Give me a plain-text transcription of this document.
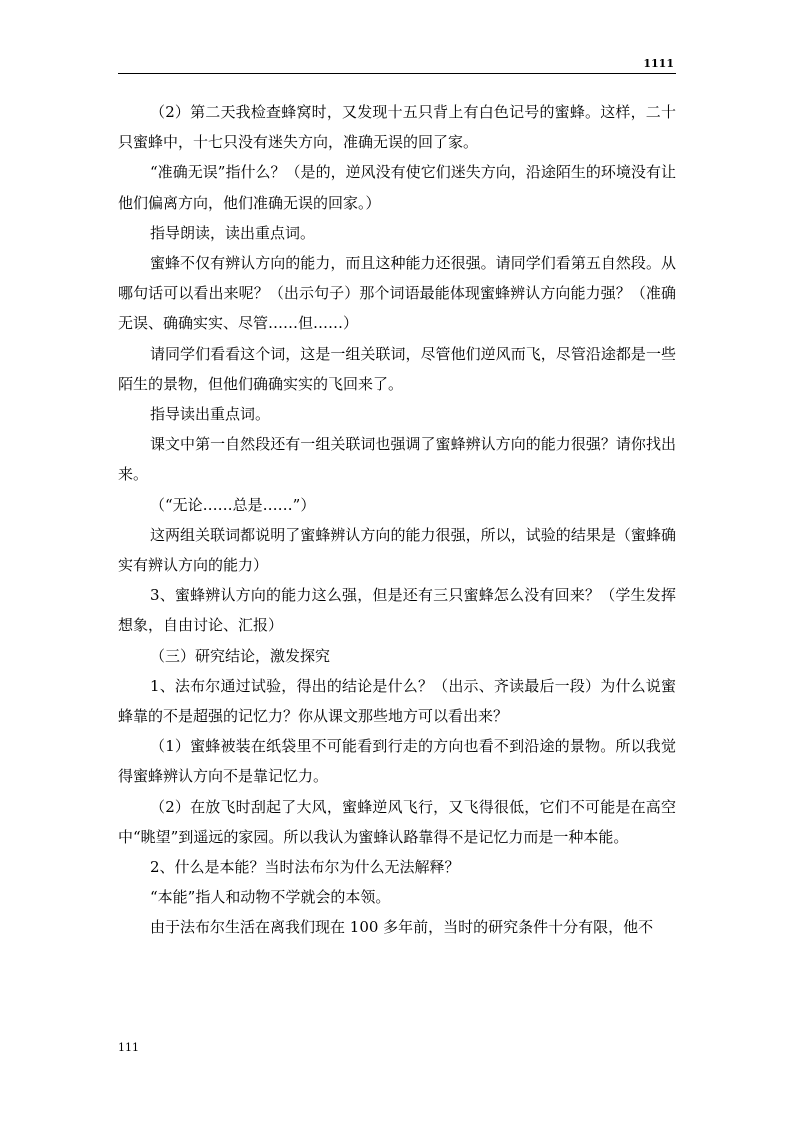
1111

（2）第二天我检查蜂窝时，又发现十五只背上有白色记号的蜜蜂。这样，二十只蜜蜂中，十七只没有迷失方向，准确无误的回了家。

“准确无误”指什么？（是的，逆风没有使它们迷失方向，沿途陌生的环境没有让他们偏离方向，他们准确无误的回家。）

指导朗读，读出重点词。

蜜蜂不仅有辨认方向的能力，而且这种能力还很强。请同学们看第五自然段。从哪句话可以看出来呢？（出示句子）那个词语最能体现蜜蜂辨认方向能力强？（准确无误、确确实实、尽管……但……）

请同学们看看这个词，这是一组关联词，尽管他们逆风而飞，尽管沿途都是一些陌生的景物，但他们确确实实的飞回来了。

指导读出重点词。

课文中第一自然段还有一组关联词也强调了蜜蜂辨认方向的能力很强？请你找出来。

（“无论……总是……”）

这两组关联词都说明了蜜蜂辨认方向的能力很强，所以，试验的结果是（蜜蜂确实有辨认方向的能力）

3、蜜蜂辨认方向的能力这么强，但是还有三只蜜蜂怎么没有回来？（学生发挥想象，自由讨论、汇报）

（三）研究结论，激发探究

1、法布尔通过试验，得出的结论是什么？（出示、齐读最后一段）为什么说蜜蜂靠的不是超强的记忆力？你从课文那些地方可以看出来？

（1）蜜蜂被装在纸袋里不可能看到行走的方向也看不到沿途的景物。所以我觉得蜜蜂辨认方向不是靠记忆力。

（2）在放飞时刮起了大风，蜜蜂逆风飞行，又飞得很低，它们不可能是在高空中“眺望”到遥远的家园。所以我认为蜜蜂认路靠得不是记忆力而是一种本能。

2、什么是本能？当时法布尔为什么无法解释？

“本能”指人和动物不学就会的本领。

由于法布尔生活在离我们现在 100 多年前，当时的研究条件十分有限，他不

111
